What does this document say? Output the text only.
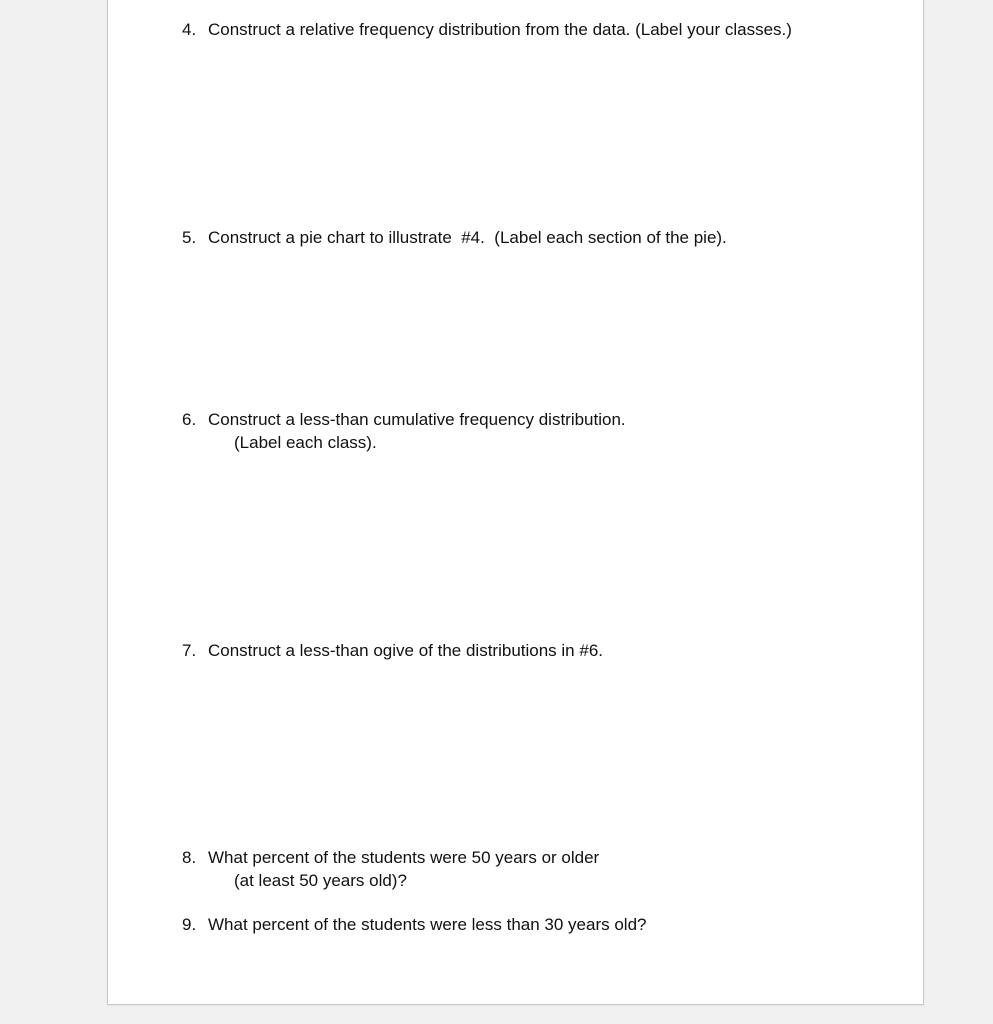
4. Construct a relative frequency distribution from the data. (Label your classes.)
5. Construct a pie chart to illustrate  #4.  (Label each section of the pie).
6. Construct a less-than cumulative frequency distribution.
(Label each class).
7. Construct a less-than ogive of the distributions in #6.
8. What percent of the students were 50 years or older
(at least 50 years old)?
9. What percent of the students were less than 30 years old?
